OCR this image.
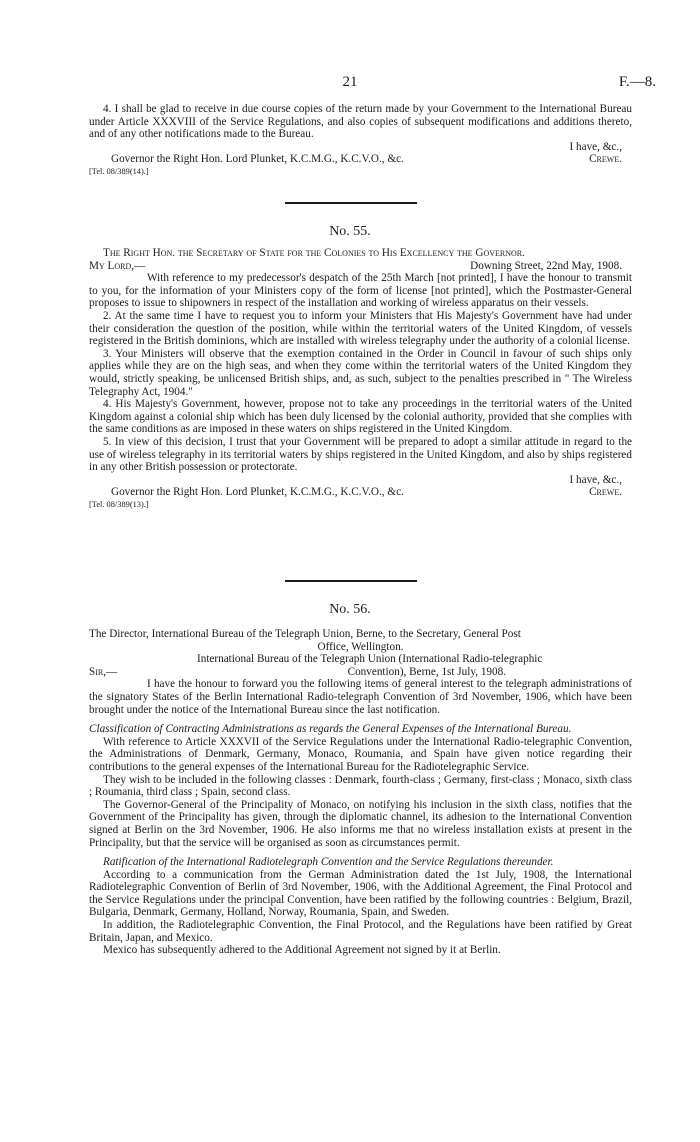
21	F.—8.

4. I shall be glad to receive in due course copies of the return made by your Government to the International Bureau under Article XXXVIII of the Service Regulations, and also copies of subsequent modifications and additions thereto, and of any other notifications made to the Bureau.

I have, &c.,

Governor the Right Hon. Lord Plunket, K.C.M.G., K.C.V.O., &c.	Crewe.

[Tel. 08/389(14).]

No. 55.

The Right Hon. the Secretary of State for the Colonies to His Excellency the Governor.

My Lord,—	Downing Street, 22nd May, 1908.

With reference to my predecessor's despatch of the 25th March [not printed], I have the honour to transmit to you, for the information of your Ministers copy of the form of license [not printed], which the Postmaster-General proposes to issue to shipowners in respect of the installation and working of wireless apparatus on their vessels.

2. At the same time I have to request you to inform your Ministers that His Majesty's Government have had under their consideration the question of the position, while within the territorial waters of the United Kingdom, of vessels registered in the British dominions, which are installed with wireless telegraphy under the authority of a colonial license.

3. Your Ministers will observe that the exemption contained in the Order in Council in favour of such ships only applies while they are on the high seas, and when they come within the territorial waters of the United Kingdom they would, strictly speaking, be unlicensed British ships, and, as such, subject to the penalties prescribed in " The Wireless Telegraphy Act, 1904."

4. His Majesty's Government, however, propose not to take any proceedings in the territorial waters of the United Kingdom against a colonial ship which has been duly licensed by the colonial authority, provided that she complies with the same conditions as are imposed in these waters on ships registered in the United Kingdom.

5. In view of this decision, I trust that your Government will be prepared to adopt a similar attitude in regard to the use of wireless telegraphy in its territorial waters by ships registered in the United Kingdom, and also by ships registered in any other British possession or protectorate.

I have, &c.,

Governor the Right Hon. Lord Plunket, K.C.M.G., K.C.V.O., &c.	Crewe.

[Tel. 08/389(13).]

No. 56.

The Director, International Bureau of the Telegraph Union, Berne, to the Secretary, General Post

Office, Wellington.

International Bureau of the Telegraph Union (International Radio-telegraphic

Sir,—	Convention), Berne, 1st July, 1908.

I have the honour to forward you the following items of general interest to the telegraph administrations of the signatory States of the Berlin International Radio-telegraph Convention of 3rd November, 1906, which have been brought under the notice of the International Bureau since the last notification.

Classification of Contracting Administrations as regards the General Expenses of the International Bureau.

With reference to Article XXXVII of the Service Regulations under the International Radio-telegraphic Convention, the Administrations of Denmark, Germany, Monaco, Roumania, and Spain have given notice regarding their contributions to the general expenses of the International Bureau for the Radiotelegraphic Service.

They wish to be included in the following classes : Denmark, fourth-class ; Germany, first-class ; Monaco, sixth class ; Roumania, third class ; Spain, second class.

The Governor-General of the Principality of Monaco, on notifying his inclusion in the sixth class, notifies that the Government of the Principality has given, through the diplomatic channel, its adhesion to the International Convention signed at Berlin on the 3rd November, 1906. He also informs me that no wireless installation exists at present in the Principality, but that the service will be organised as soon as circumstances permit.

Ratification of the International Radiotelegraph Convention and the Service Regulations thereunder.

According to a communication from the German Administration dated the 1st July, 1908, the International Radiotelegraphic Convention of Berlin of 3rd November, 1906, with the Additional Agreement, the Final Protocol and the Service Regulations under the principal Convention, have been ratified by the following countries : Belgium, Brazil, Bulgaria, Denmark, Germany, Holland, Norway, Roumania, Spain, and Sweden.

In addition, the Radiotelegraphic Convention, the Final Protocol, and the Regulations have been ratified by Great Britain, Japan, and Mexico.

Mexico has subsequently adhered to the Additional Agreement not signed by it at Berlin.
